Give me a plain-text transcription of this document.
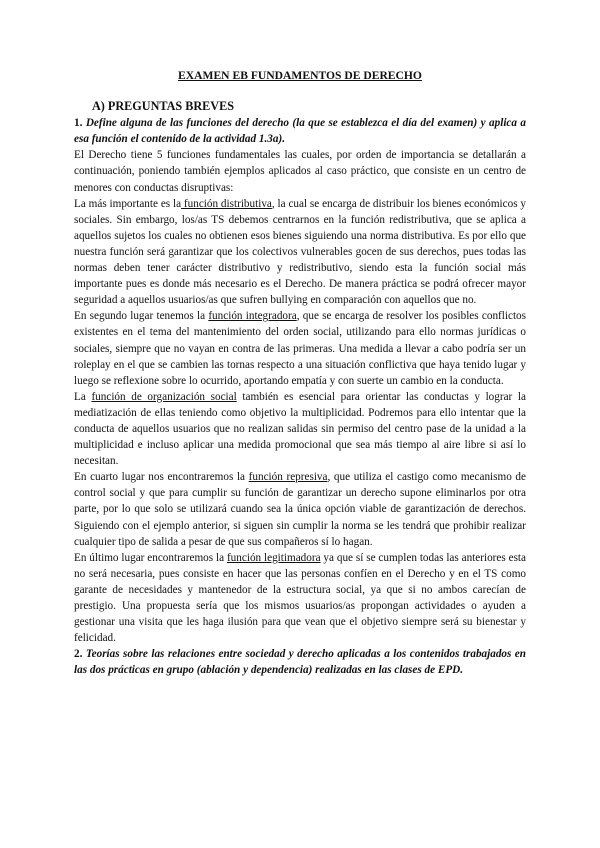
EXAMEN EB FUNDAMENTOS DE DERECHO
A) PREGUNTAS BREVES

1. Define alguna de las funciones del derecho (la que se establezca el día del examen) y aplica a esa función el contenido de la actividad 1.3a).

El Derecho tiene 5 funciones fundamentales las cuales, por orden de importancia se detallarán a continuación, poniendo también ejemplos aplicados al caso práctico, que consiste en un centro de menores con conductas disruptivas:

La más importante es la función distributiva, la cual se encarga de distribuir los bienes económicos y sociales. Sin embargo, los/as TS debemos centrarnos en la función redistributiva, que se aplica a aquellos sujetos los cuales no obtienen esos bienes siguiendo una norma distributiva. Es por ello que nuestra función será garantizar que los colectivos vulnerables gocen de sus derechos, pues todas las normas deben tener carácter distributivo y redistributivo, siendo esta la función social más importante pues es donde más necesario es el Derecho. De manera práctica se podrá ofrecer mayor seguridad a aquellos usuarios/as que sufren bullying en comparación con aquellos que no.

En segundo lugar tenemos la función integradora, que se encarga de resolver los posibles conflictos existentes en el tema del mantenimiento del orden social, utilizando para ello normas jurídicas o sociales, siempre que no vayan en contra de las primeras. Una medida a llevar a cabo podría ser un roleplay en el que se cambien las tornas respecto a una situación conflictiva que haya tenido lugar y luego se reflexione sobre lo ocurrido, aportando empatía y con suerte un cambio en la conducta.

La función de organización social también es esencial para orientar las conductas y lograr la mediatización de ellas teniendo como objetivo la multiplicidad. Podremos para ello intentar que la conducta de aquellos usuarios que no realizan salidas sin permiso del centro pase de la unidad a la multiplicidad e incluso aplicar una medida promocional que sea más tiempo al aire libre si así lo necesitan.

En cuarto lugar nos encontraremos la función represiva, que utiliza el castigo como mecanismo de control social y que para cumplir su función de garantizar un derecho supone eliminarlos por otra parte, por lo que solo se utilizará cuando sea la única opción viable de garantización de derechos. Siguiendo con el ejemplo anterior, si siguen sin cumplir la norma se les tendrá que prohibir realizar cualquier tipo de salida a pesar de que sus compañeros sí lo hagan.

En último lugar encontraremos la función legitimadora ya que sí se cumplen todas las anteriores esta no será necesaria, pues consiste en hacer que las personas confíen en el Derecho y en el TS como garante de necesidades y mantenedor de la estructura social, ya que si no ambos carecían de prestigio. Una propuesta sería que los mismos usuarios/as propongan actividades o ayuden a gestionar una visita que les haga ilusión para que vean que el objetivo siempre será su bienestar y felicidad.

2. Teorías sobre las relaciones entre sociedad y derecho aplicadas a los contenidos trabajados en las dos prácticas en grupo (ablación y dependencia) realizadas en las clases de EPD.
